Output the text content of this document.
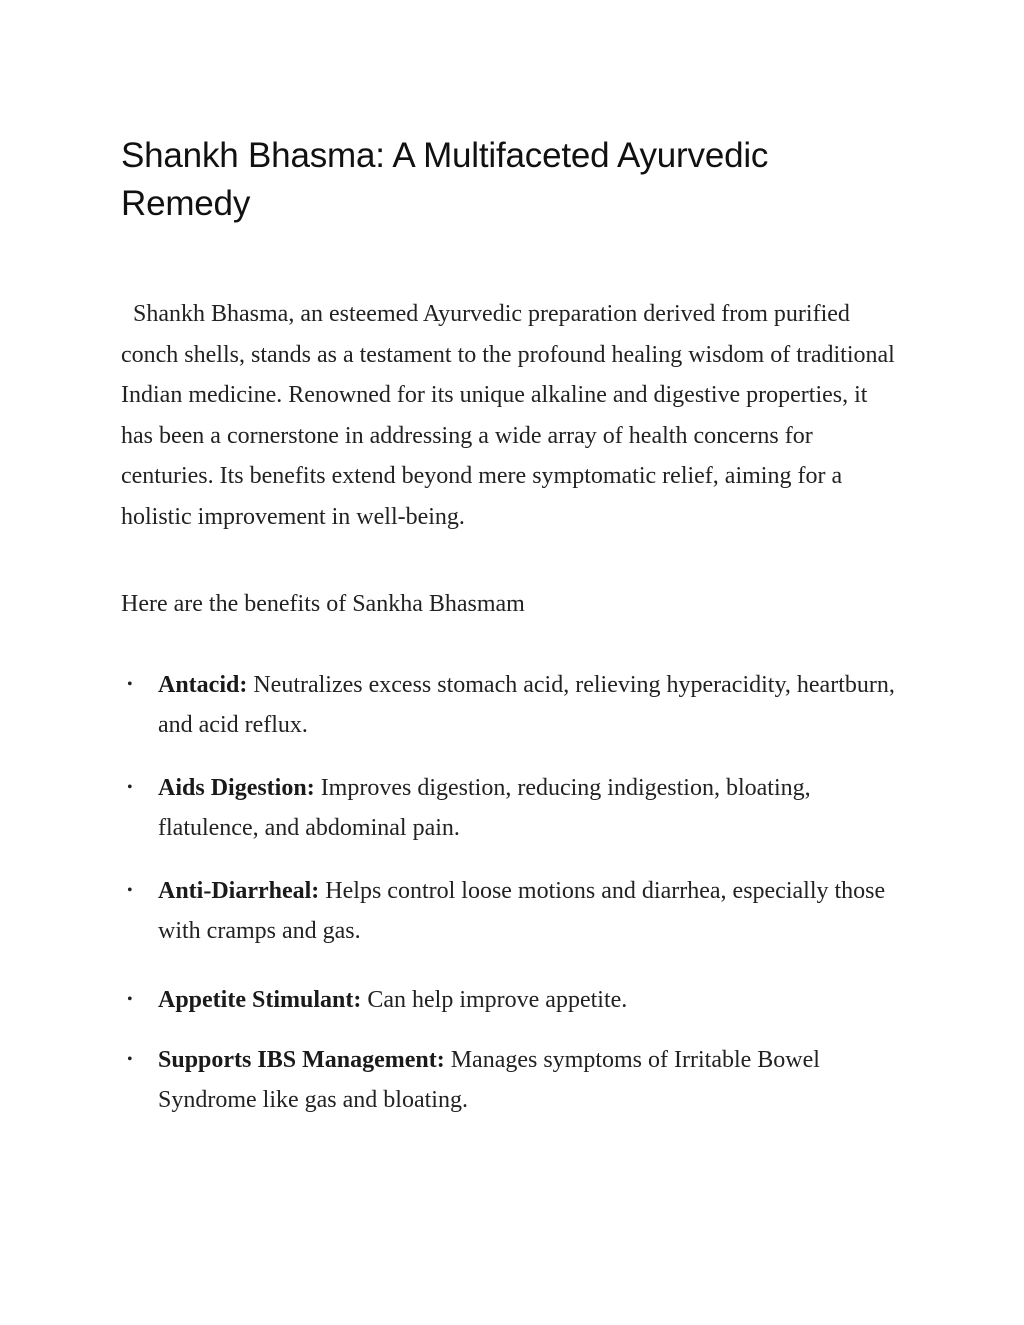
Shankh Bhasma: A Multifaceted Ayurvedic Remedy

Shankh Bhasma, an esteemed Ayurvedic preparation derived from purified conch shells, stands as a testament to the profound healing wisdom of traditional Indian medicine. Renowned for its unique alkaline and digestive properties, it has been a cornerstone in addressing a wide array of health concerns for centuries. Its benefits extend beyond mere symptomatic relief, aiming for a holistic improvement in well-being.

Here are the benefits of Sankha Bhasmam

• Antacid: Neutralizes excess stomach acid, relieving hyperacidity, heartburn, and acid reflux.
• Aids Digestion: Improves digestion, reducing indigestion, bloating, flatulence, and abdominal pain.
• Anti-Diarrheal: Helps control loose motions and diarrhea, especially those with cramps and gas.
• Appetite Stimulant: Can help improve appetite.
• Supports IBS Management: Manages symptoms of Irritable Bowel Syndrome like gas and bloating.
